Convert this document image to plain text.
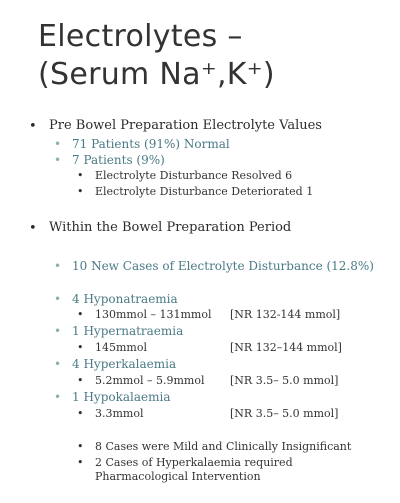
Electrolytes –
(Serum Na⁺,K⁺)
• Pre Bowel Preparation Electrolyte Values
• 71 Patients (91%) Normal
• 7 Patients (9%)
• Electrolyte Disturbance Resolved 6
• Electrolyte Disturbance Deteriorated 1
• Within the Bowel Preparation Period
• 10 New Cases of Electrolyte Disturbance (12.8%)
• 4 Hyponatraemia
• 130mmol – 131mmol [NR 132-144 mmol]
• 1 Hypernatraemia
• 145mmol	[NR 132–144 mmol]
• 4 Hyperkalaemia
• 5.2mmol – 5.9mmol [NR 3.5– 5.0 mmol]
• 1 Hypokalaemia
• 3.3mmol	[NR 3.5– 5.0 mmol]
• 8 Cases were Mild and Clinically Insignificant
• 2 Cases of Hyperkalaemia required
Pharmacological Intervention
